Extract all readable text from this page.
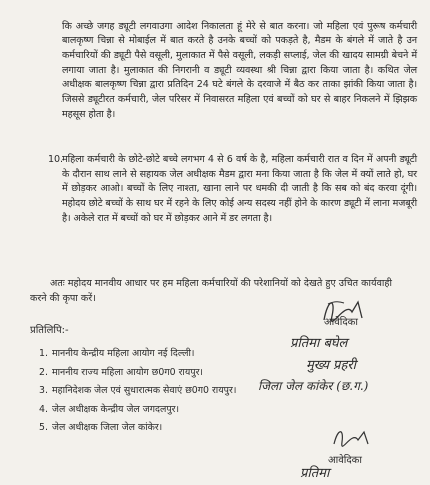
कि अच्छे जगह ड्यूटी लगवाउगा आदेश निकालता हूं मेरे से बात करना। जो महिला एवं पुरूष कर्मचारी बालकृष्ण चिन्ना से मोबाईल में बात करते है उनके बच्चों को पकड़ते है, मैडम के बंगले में जाते है उन कर्मचारियों की ड्यूटी पैसे वसूली, मुलाकात में पैसे वसूली, लकड़ी सप्लाई, जेल की खादय सामग्री बेचने में लगाया जाता है। मुलाकात की निगरानी व ड्यूटी व्यवस्था श्री चिन्ना द्वारा किया जाता है। कथित जेल अधीक्षक बालकृष्ण चिन्ना द्वारा प्रतिदिन 24 घटे बंगले के दरवाजे में बैठ कर ताका झांकी किया जाता है। जिससे ड्यूटीरत कर्मचारी, जेल परिसर में निवासरत महिला एवं बच्चों को घर से बाहर निकलने में झिझक महसूस होता है।

10. महिला कर्मचारी के छोटे-छोटे बच्चे लगभग 4 से 6 वर्ष के है, महिला कर्मचारी रात व दिन में अपनी ड्यूटी के दौरान साथ लाने से सहायक जेल अधीक्षक मैडम द्वारा मना किया जाता है कि जेल में क्यों लाते हो, घर में छोड़कर आओ। बच्चों के लिए नाश्ता, खाना लाने पर धमकी दी जाती है कि सब को बंद करवा दूंगी। महोदय छोटे बच्चों के साथ घर में रहने के लिए कोई अन्य सदस्य नहीं होने के कारण ड्यूटी में लाना मजबूरी है। अकेले रात में बच्चों को घर में छोड़कर आने में डर लगता है।

अतः महोदय मानवीय आधार पर हम महिला कर्मचारियों की परेशानियों को देखते हुए उचित कार्यवाही करने की कृपा करें।

आवेदिका
प्रतिलिपि:-
1. माननीय केन्द्रीय महिला आयोग नई दिल्ली।
2. माननीय राज्य महिला आयोग छ0ग0 रायपुर।
3. महानिदेशक जेल एवं सुधारात्मक सेवाएं छ0ग0 रायपुर।
4. जेल अधीक्षक केन्द्रीय जेल जगदलपुर।
5. जेल अधीक्षक जिला जेल कांकेर।
प्रतिमा बघेल
मुख्य प्रहरी
जिला जेल कांकेर (छ.ग.)
आवेदिका
प्रतिमा
